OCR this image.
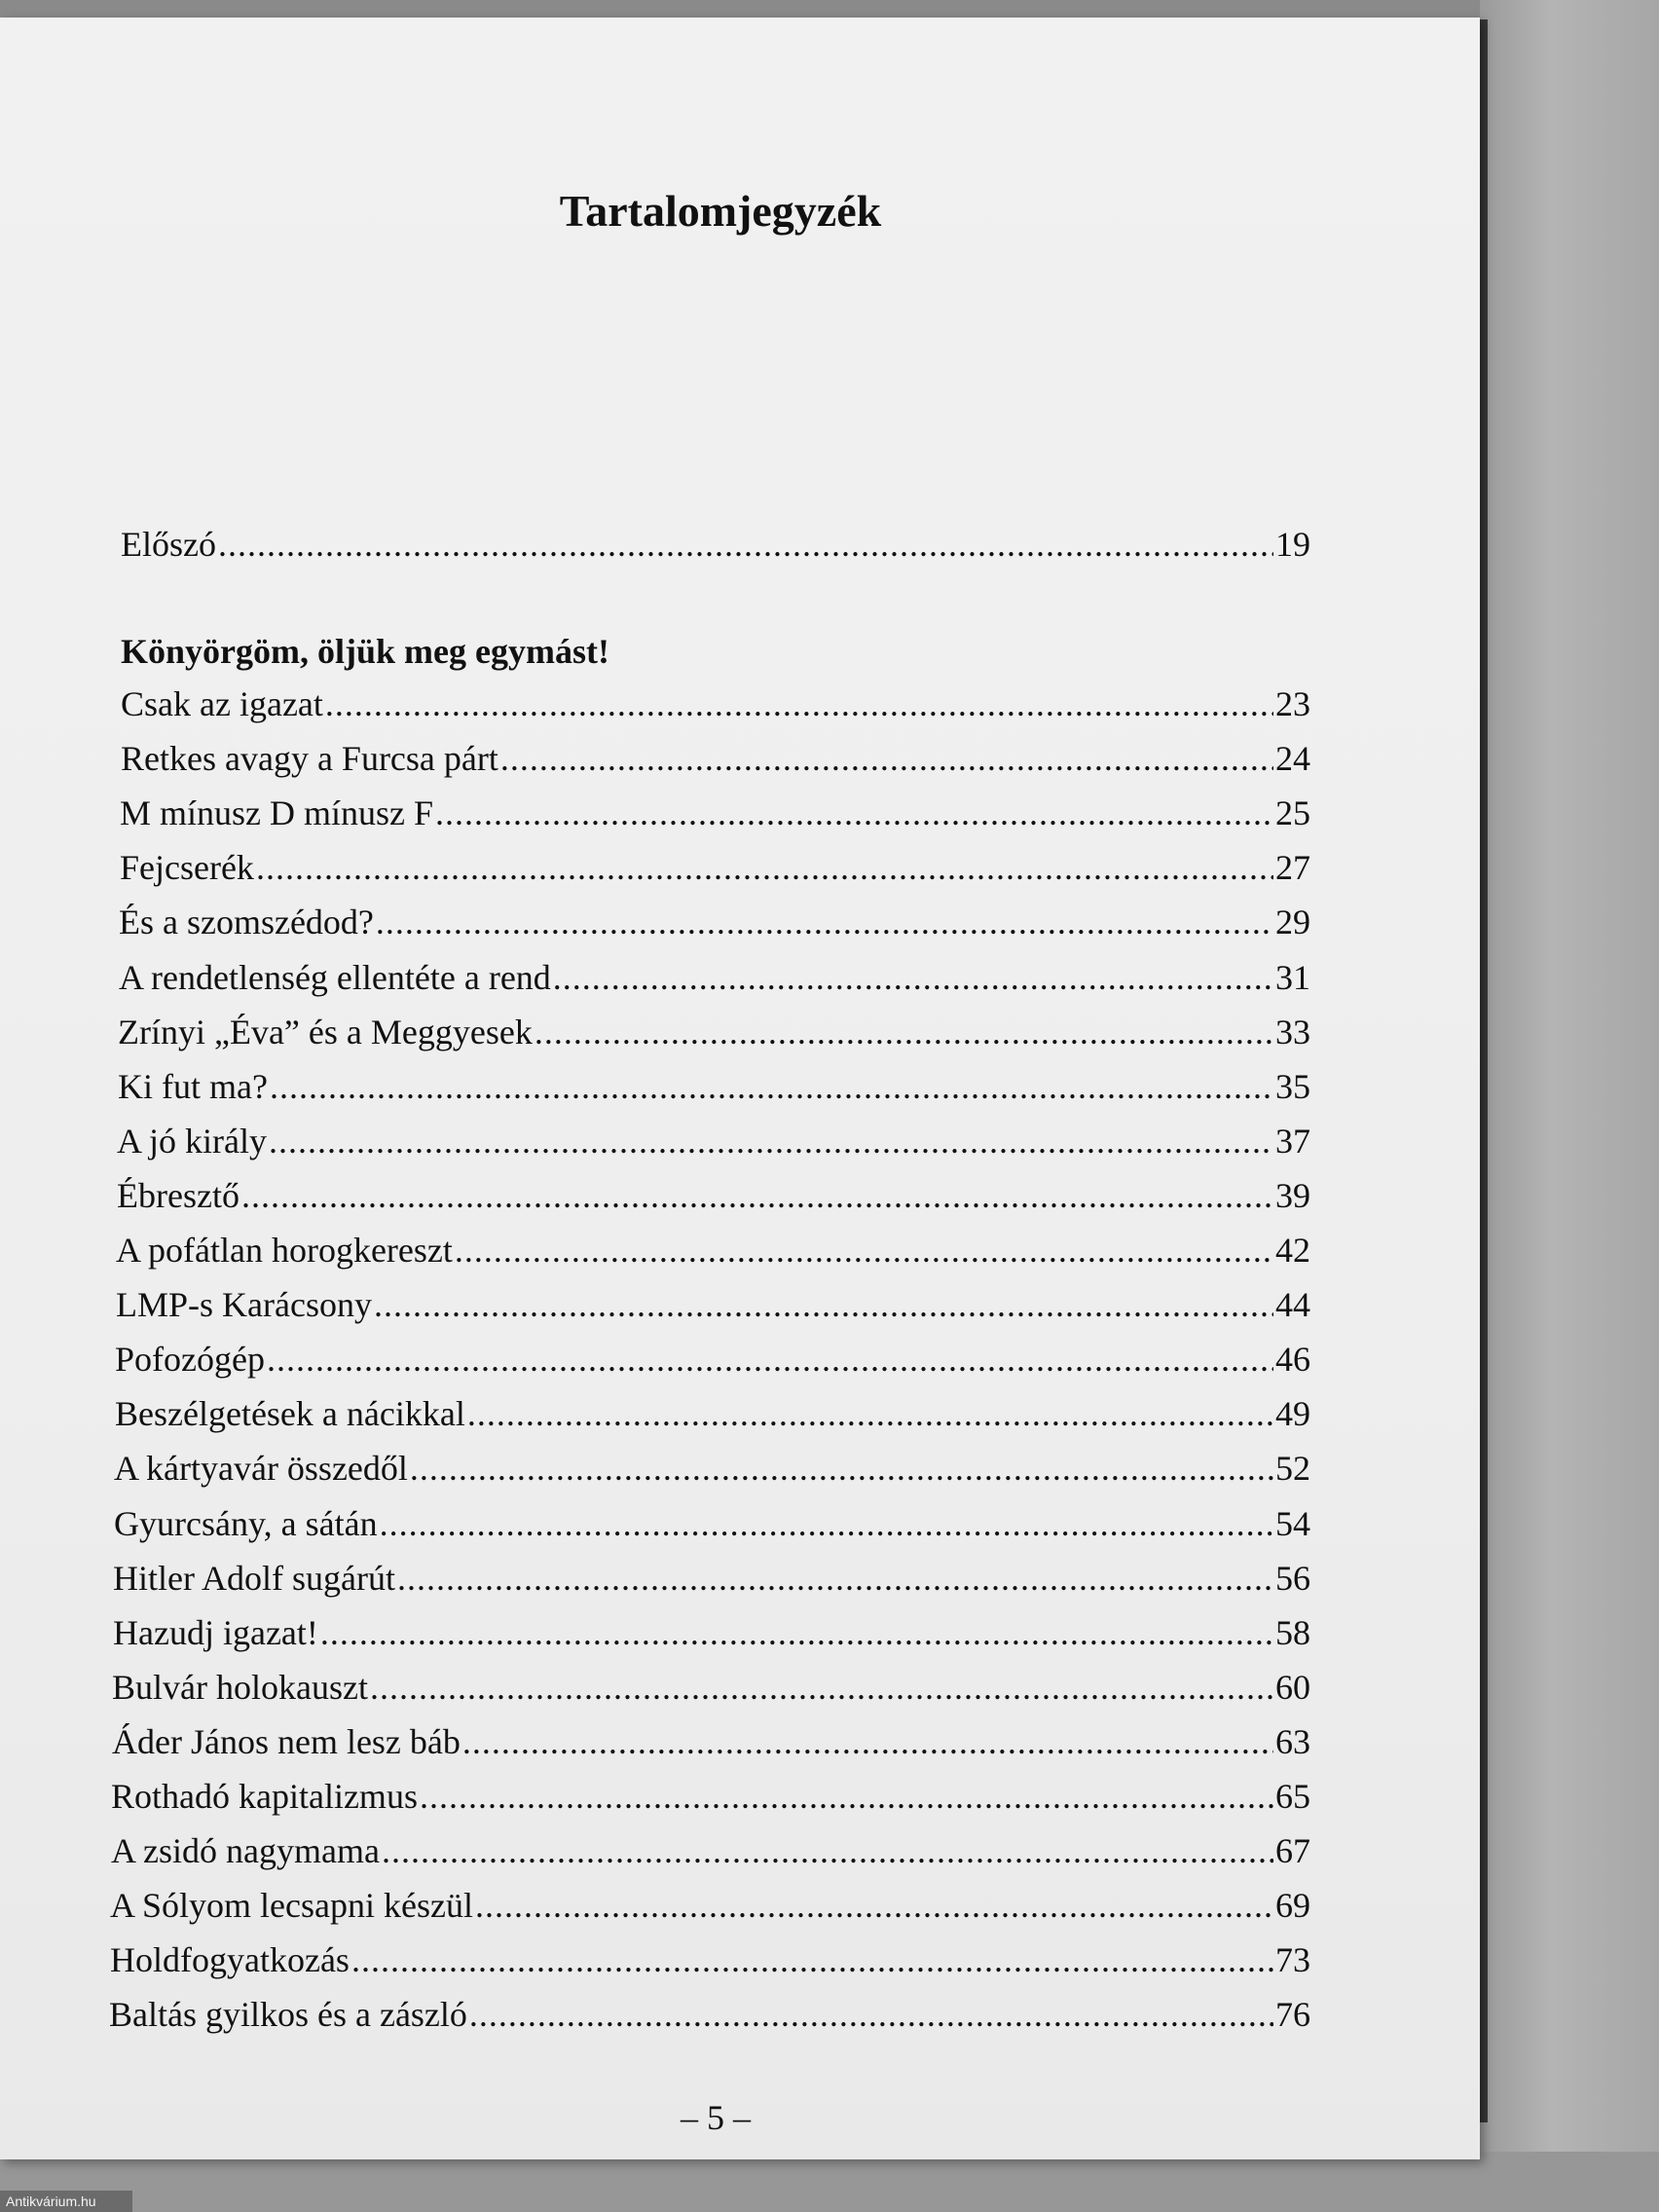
Tartalomjegyzék
Előszó .....	19
Könyörgöm, öljük meg egymást!
Csak az igazat .....	23
Retkes avagy a Furcsa párt .....	24
M mínusz D mínusz F .....	25
Fejcserék .....	27
És a szomszédod? .....	29
A rendetlenség ellentéte a rend .....	31
Zrínyi „Éva” és a Meggyesek .....	33
Ki fut ma? .....	35
A jó király .....	37
Ébresztő .....	39
A pofátlan horogkereszt .....	42
LMP-s Karácsony .....	44
Pofozógép .....	46
Beszélgetések a nácikkal .....	49
A kártyavár összedől .....	52
Gyurcsány, a sátán .....	54
Hitler Adolf sugárút .....	56
Hazudj igazat! .....	58
Bulvár holokauszt .....	60
Áder János nem lesz báb .....	63
Rothadó kapitalizmus .....	65
A zsidó nagymama .....	67
A Sólyom lecsapni készül .....	69
Holdfogyatkozás .....	73
Baltás gyilkos és a zászló .....	76
– 5 –
Antikvárium.hu
